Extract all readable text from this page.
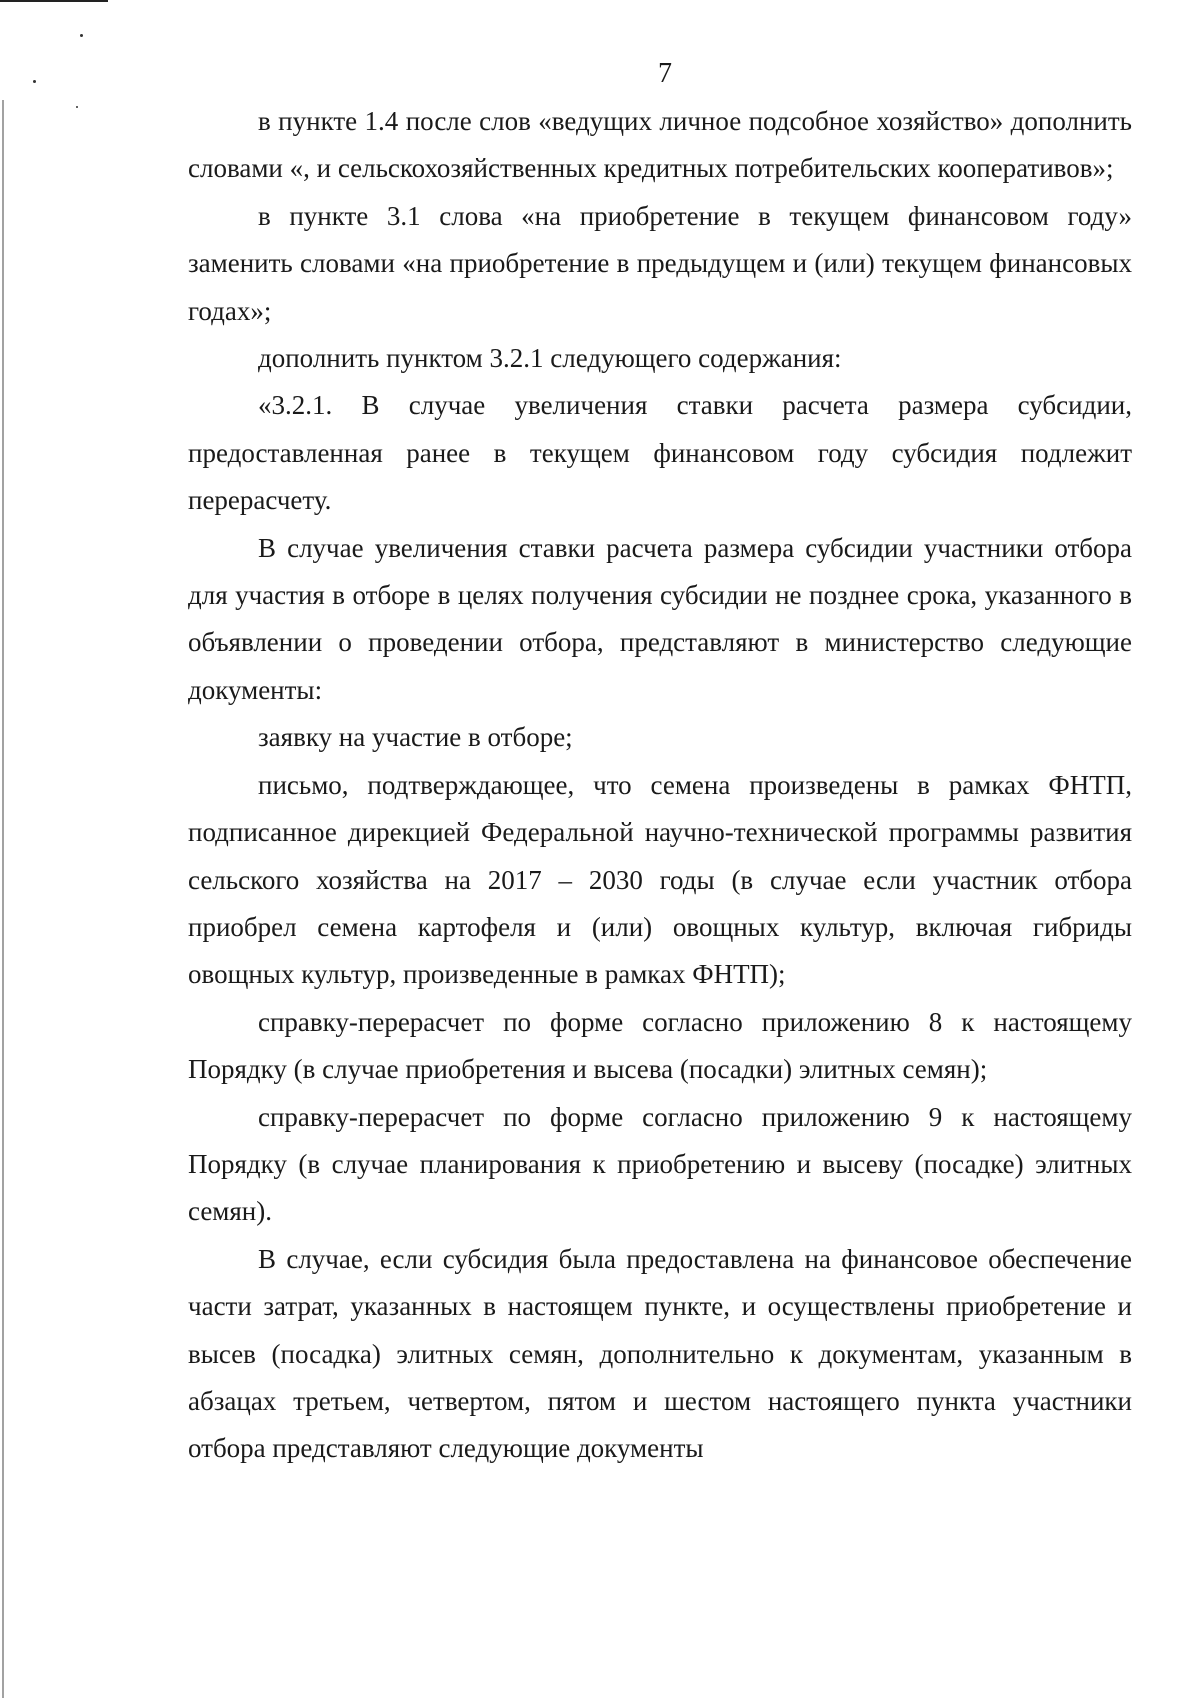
7

в пункте 1.4 после слов «ведущих личное подсобное хозяйство» дополнить словами «, и сельскохозяйственных кредитных потребительских кооперативов»;

в пункте 3.1 слова «на приобретение в текущем финансовом году» заменить словами «на приобретение в предыдущем и (или) текущем финансовых годах»;

дополнить пунктом 3.2.1 следующего содержания:

«3.2.1. В случае увеличения ставки расчета размера субсидии, предоставленная ранее в текущем финансовом году субсидия подлежит перерасчету.

В случае увеличения ставки расчета размера субсидии участники отбора для участия в отборе в целях получения субсидии не позднее срока, указанного в объявлении о проведении отбора, представляют в министерство следующие документы:

заявку на участие в отборе;

письмо, подтверждающее, что семена произведены в рамках ФНТП, подписанное дирекцией Федеральной научно-технической программы развития сельского хозяйства на 2017 – 2030 годы (в случае если участник отбора приобрел семена картофеля и (или) овощных культур, включая гибриды овощных культур, произведенные в рамках ФНТП);

справку-перерасчет по форме согласно приложению 8 к настоящему Порядку (в случае приобретения и высева (посадки) элитных семян);

справку-перерасчет по форме согласно приложению 9 к настоящему Порядку (в случае планирования к приобретению и высеву (посадке) элитных семян).

В случае, если субсидия была предоставлена на финансовое обеспечение части затрат, указанных в настоящем пункте, и осуществлены приобретение и высев (посадка) элитных семян, дополнительно к документам, указанным в абзацах третьем, четвертом, пятом и шестом настоящего пункта участники отбора представляют следующие документы
